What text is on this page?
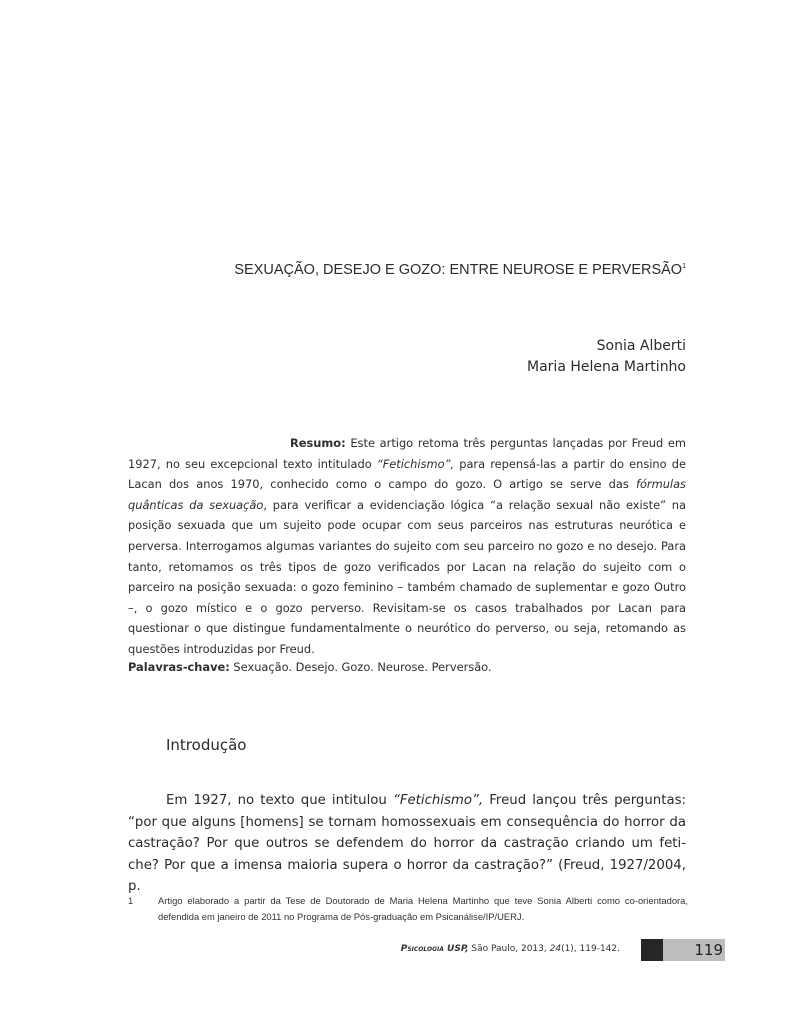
SEXUAÇÃO, DESEJO E GOZO: ENTRE NEUROSE E PERVERSÃO$^1$
Sonia Alberti
Maria Helena Martinho
Resumo: Este artigo retoma três perguntas lançadas por Freud em 1927, no seu excepcional texto intitulado “Fetichismo”, para repensá-las a partir do ensino de Lacan dos anos 1970, conhecido como o campo do gozo. O artigo se serve das fórmulas quânticas da sexuação, para verificar a evidenciação lógica “a relação sexual não existe” na posição sexuada que um sujeito pode ocupar com seus parceiros nas estruturas neurótica e perversa. Interrogamos algumas variantes do sujeito com seu parceiro no gozo e no desejo. Para tanto, retomamos os três tipos de gozo verificados por Lacan na relação do sujeito com o parceiro na posição sexuada: o gozo feminino – também chamado de suplementar e gozo Outro –, o gozo místico e o gozo perverso. Revisitam-se os casos trabalhados por Lacan para questionar o que distingue fundamentalmente o neurótico do perverso, ou seja, retomando as questões introduzidas por Freud.
Palavras-chave: Sexuação. Desejo. Gozo. Neurose. Perversão.
Introdução
Em 1927, no texto que intitulou “Fetichismo”, Freud lançou três perguntas: “por que alguns [homens] se tornam homossexuais em consequência do horror da castração? Por que outros se defendem do horror da castração criando um feti-che? Por que a imensa maioria supera o horror da castração?” (Freud, 1927/2004, p.
1	Artigo elaborado a partir da Tese de Doutorado de Maria Helena Martinho que teve Sonia Alberti como co-orientadora, defendida em janeiro de 2011 no Programa de Pós-graduação em Psicanálise/IP/UERJ.
Psicologia USP, São Paulo, 2013, 24(1), 119-142.	119
